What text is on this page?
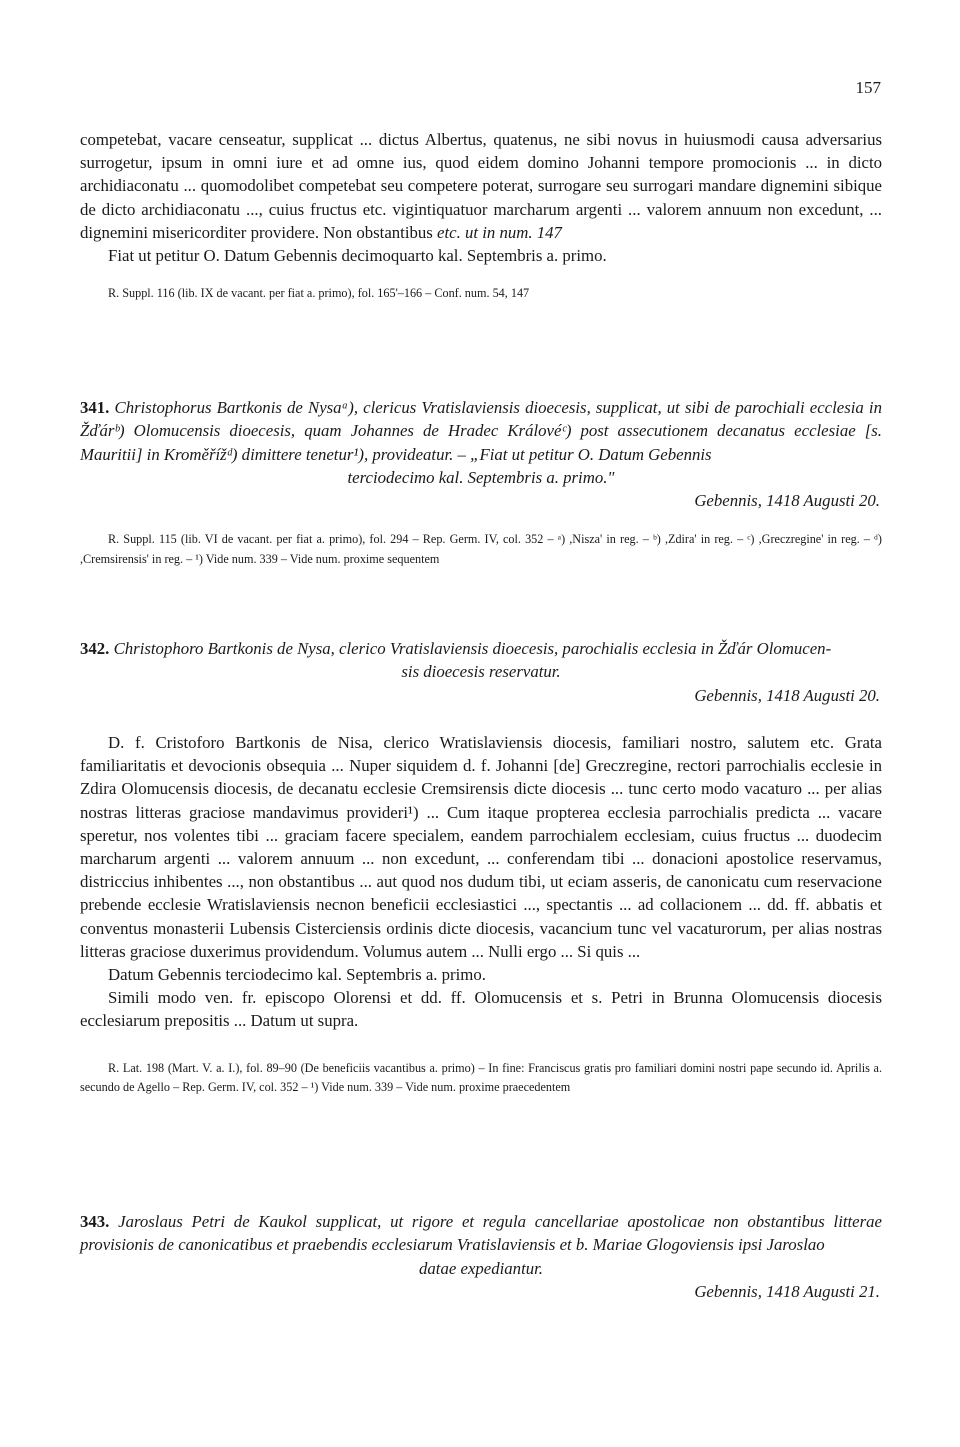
157

competebat, vacare censeatur, supplicat ... dictus Albertus, quatenus, ne sibi novus in huiusmodi causa adversarius surrogetur, ipsum in omni iure et ad omne ius, quod eidem domino Johanni tempore promocionis ... in dicto archidiaconatu ... quomodolibet competebat seu competere poterat, surrogare seu surrogari mandare dignemini sibique de dicto archidiaconatu ..., cuius fructus etc. vigintiquatuor marcharum argenti ... valorem annuum non excedunt, ... dignemini misericorditer providere. Non obstantibus etc. ut in num. 147

Fiat ut petitur O. Datum Gebennis decimoquarto kal. Septembris a. primo.

R. Suppl. 116 (lib. IX de vacant. per fiat a. primo), fol. 165'–166 – Conf. num. 54, 147

341. Christophorus Bartkonis de Nysaᵃ), clericus Vratislaviensis dioecesis, supplicat, ut sibi de parochiali ecclesia in Žďárᵇ) Olomucensis dioecesis, quam Johannes de Hradec Královéᶜ) post assecutionem decanatus ecclesiae [s. Mauritii] in Kroměřížᵈ) dimittere tenetur¹), provideatur. – „Fiat ut petitur O. Datum Gebennis
terciodecimo kal. Septembris a. primo."
Gebennis, 1418 Augusti 20.

R. Suppl. 115 (lib. VI de vacant. per fiat a. primo), fol. 294 – Rep. Germ. IV, col. 352 – ᵃ) ,Nisza' in reg. – ᵇ) ,Zdira' in reg. – ᶜ) ,Greczregine' in reg. – ᵈ) ,Cremsirensis' in reg. – ¹) Vide num. 339 – Vide num. proxime sequentem

342. Christophoro Bartkonis de Nysa, clerico Vratislaviensis dioecesis, parochialis ecclesia in Žďár Olomucen-
sis dioecesis reservatur.
Gebennis, 1418 Augusti 20.

D. f. Cristoforo Bartkonis de Nisa, clerico Wratislaviensis diocesis, familiari nostro, salutem etc. Grata familiaritatis et devocionis obsequia ... Nuper siquidem d. f. Johanni [de] Greczregine, rectori parrochialis ecclesie in Zdira Olomucensis diocesis, de decanatu ecclesie Cremsirensis dicte diocesis ... tunc certo modo vacaturo ... per alias nostras litteras graciose mandavimus provideri¹) ... Cum itaque propterea ecclesia parrochialis predicta ... vacare speretur, nos volentes tibi ... graciam facere specialem, eandem parrochialem ecclesiam, cuius fructus ... duodecim marcharum argenti ... valorem annuum ... non excedunt, ... conferendam tibi ... donacioni apostolice reservamus, districcius inhibentes ..., non obstantibus ... aut quod nos dudum tibi, ut eciam asseris, de canonicatu cum reservacione prebende ecclesie Wratislaviensis necnon beneficii ecclesiastici ..., spectantis ... ad collacionem ... dd. ff. abbatis et conventus monasterii Lubensis Cisterciensis ordinis dicte diocesis, vacancium tunc vel vacaturorum, per alias nostras litteras graciose duxerimus providendum. Volumus autem ... Nulli ergo ... Si quis ...

Datum Gebennis terciodecimo kal. Septembris a. primo.

Simili modo ven. fr. episcopo Olorensi et dd. ff. Olomucensis et s. Petri in Brunna Olomucensis diocesis ecclesiarum prepositis ... Datum ut supra.

R. Lat. 198 (Mart. V. a. I.), fol. 89–90 (De beneficiis vacantibus a. primo) – In fine: Franciscus gratis pro familiari domini nostri pape secundo id. Aprilis a. secundo de Agello – Rep. Germ. IV, col. 352 – ¹) Vide num. 339 – Vide num. proxime praecedentem

343. Jaroslaus Petri de Kaukol supplicat, ut rigore et regula cancellariae apostolicae non obstantibus litterae provisionis de canonicatibus et praebendis ecclesiarum Vratislaviensis et b. Mariae Glogoviensis ipsi Jaroslao
datae expediantur.
Gebennis, 1418 Augusti 21.
